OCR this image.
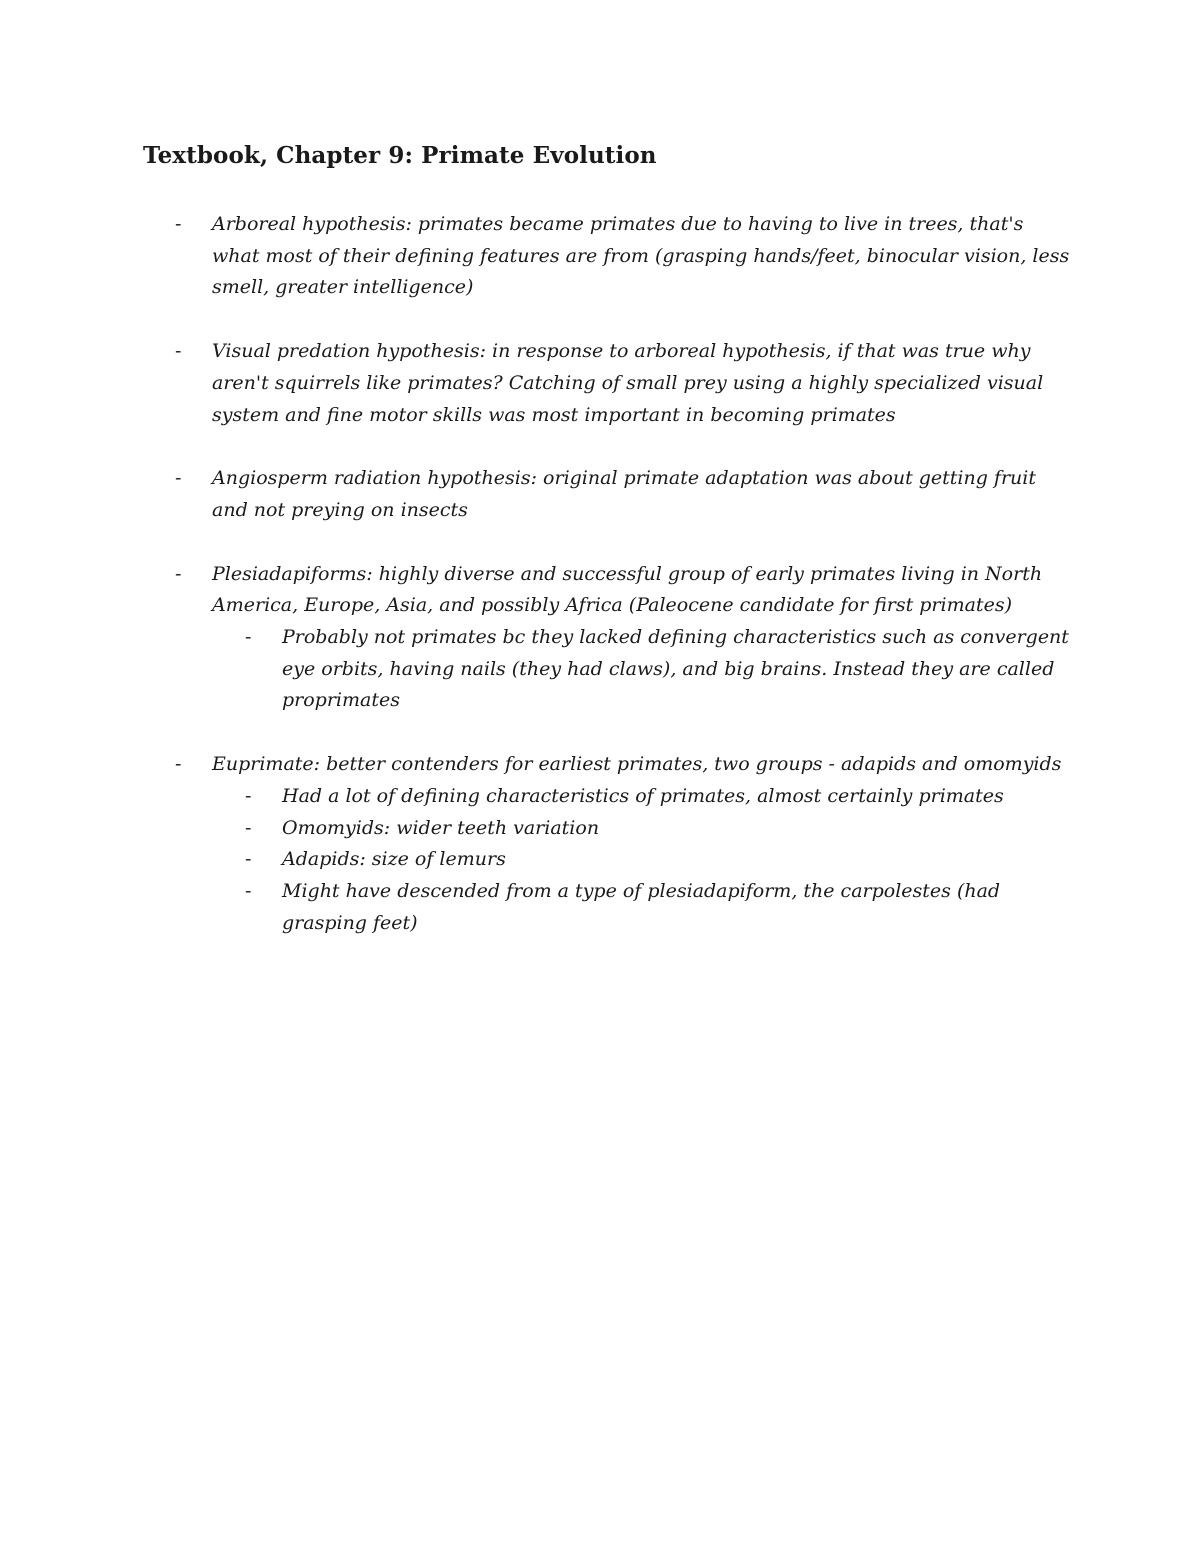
Textbook, Chapter 9: Primate Evolution
- Arboreal hypothesis: primates became primates due to having to live in trees, that's what most of their defining features are from (grasping hands/feet, binocular vision, less smell, greater intelligence)
- Visual predation hypothesis: in response to arboreal hypothesis, if that was true why aren't squirrels like primates? Catching of small prey using a highly specialized visual system and fine motor skills was most important in becoming primates
- Angiosperm radiation hypothesis: original primate adaptation was about getting fruit and not preying on insects
- Plesiadapiforms: highly diverse and successful group of early primates living in North America, Europe, Asia, and possibly Africa (Paleocene candidate for first primates)
- Probably not primates bc they lacked defining characteristics such as convergent eye orbits, having nails (they had claws), and big brains. Instead they are called proprimates
- Euprimate: better contenders for earliest primates, two groups - adapids and omomyids
- Had a lot of defining characteristics of primates, almost certainly primates
- Omomyids: wider teeth variation
- Adapids: size of lemurs
- Might have descended from a type of plesiadapiform, the carpolestes (had grasping feet)
